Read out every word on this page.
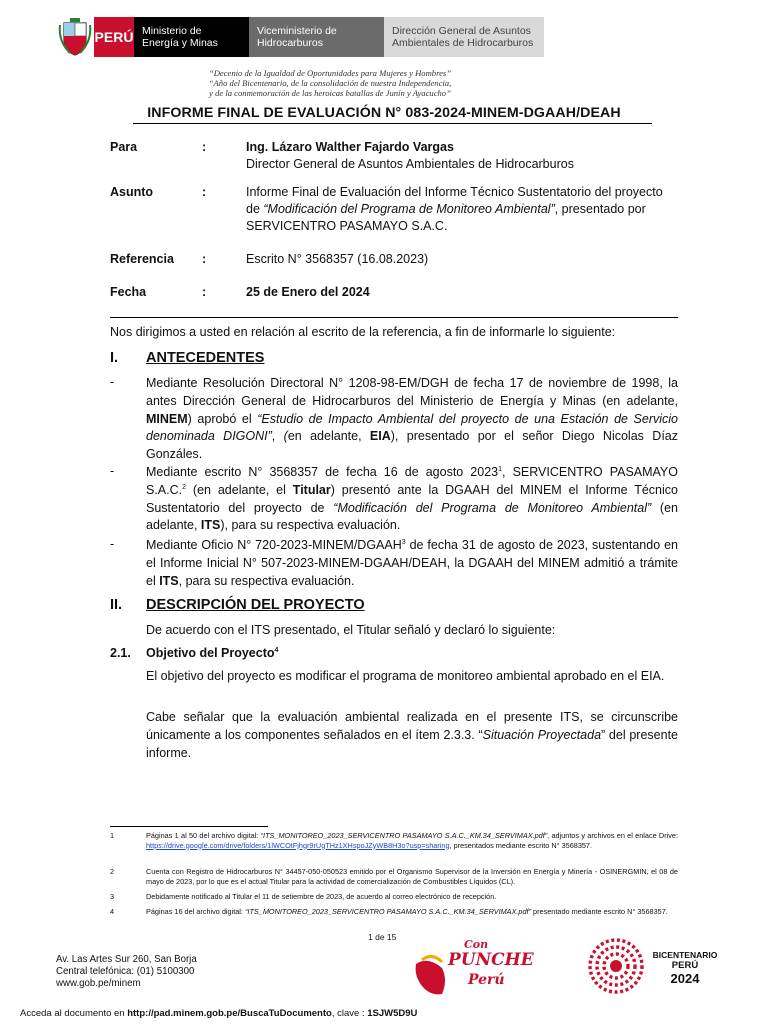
PERÚ Ministerio de Energía y Minas
Viceministerio de Hidrocarburos
Dirección General de Asuntos Ambientales de Hidrocarburos
“Decenio de la Igualdad de Oportunidades para Mujeres y Hombres”
“Año del Bicentenario, de la consolidación de nuestra Independencia,
y de la conmemoración de las heroicas batallas de Junín y Ayacucho”
INFORME FINAL DE EVALUACIÓN N° 083-2024-MINEM-DGAAH/DEAH
Para	:	Ing. Lázaro Walther Fajardo Vargas
Director General de Asuntos Ambientales de Hidrocarburos
Asunto	:	Informe Final de Evaluación del Informe Técnico Sustentatorio del proyecto de “Modificación del Programa de Monitoreo Ambiental”, presentado por SERVICENTRO PASAMAYO S.A.C.
Referencia	:	Escrito N° 3568357 (16.08.2023)
Fecha	:	25 de Enero del 2024
Nos dirigimos a usted en relación al escrito de la referencia, a fin de informarle lo siguiente:
I.	ANTECEDENTES
-	Mediante Resolución Directoral N° 1208-98-EM/DGH de fecha 17 de noviembre de 1998, la antes Dirección General de Hidrocarburos del Ministerio de Energía y Minas (en adelante, MINEM) aprobó el “Estudio de Impacto Ambiental del proyecto de una Estación de Servicio denominada DIGONI”, (en adelante, EIA), presentado por el señor Diego Nicolas Díaz Gonzáles.
-	Mediante escrito N° 3568357 de fecha 16 de agosto 2023$^1$, SERVICENTRO PASAMAYO S.A.C.$^2$ (en adelante, el Titular) presentó ante la DGAAH del MINEM el Informe Técnico Sustentatorio del proyecto de “Modificación del Programa de Monitoreo Ambiental” (en adelante, ITS), para su respectiva evaluación.
-	Mediante Oficio N° 720-2023-MINEM/DGAAH$^3$ de fecha 31 de agosto de 2023, sustentando en el Informe Inicial N° 507-2023-MINEM-DGAAH/DEAH, la DGAAH del MINEM admitió a trámite el ITS, para su respectiva evaluación.
II.	DESCRIPCIÓN DEL PROYECTO
De acuerdo con el ITS presentado, el Titular señaló y declaró lo siguiente:
2.1.	Objetivo del Proyecto$^4$
El objetivo del proyecto es modificar el programa de monitoreo ambiental aprobado en el EIA.
Cabe señalar que la evaluación ambiental realizada en el presente ITS, se circunscribe únicamente a los componentes señalados en el ítem 2.3.3. “Situación Proyectada” del presente informe.
1	Páginas 1 al 50 del archivo digital: “ITS_MONITOREO_2023_SERVICENTRO PASAMAYO S.A.C._KM.34_SERVIMAX.pdf”, adjuntos y archivos en el enlace Drive: https://drive.google.com/drive/folders/1lWCOtFjhgr9rUgTHz1XHspoJZyWB8H3o?usp=sharing, presentados mediante escrito N° 3568357.
2	Cuenta con Registro de Hidrocarburos N° 34457-050-050523 emitido por el Organismo Supervisor de la Inversión en Energía y Minería - OSINERGMIN, el 08 de mayo de 2023, por lo que es el actual Titular para la actividad de comercialización de Combustibles Líquidos (CL).
3	Debidamente notificado al Titular el 11 de setiembre de 2023, de acuerdo al correo electrónico de recepción.
4	Páginas 16 del archivo digital: “ITS_MONITOREO_2023_SERVICENTRO PASAMAYO S.A.C._KM.34_SERVIMAX.pdf” presentado mediante escrito N° 3568357.
1 de 15
Av. Las Artes Sur 260, San Borja
Central telefónica: (01) 5100300
www.gob.pe/minem
Con
PUNCHE
Perú
BICENTENARIO
PERÚ
2024
Acceda al documento en http://pad.minem.gob.pe/BuscaTuDocumento, clave : 1SJW5D9U
